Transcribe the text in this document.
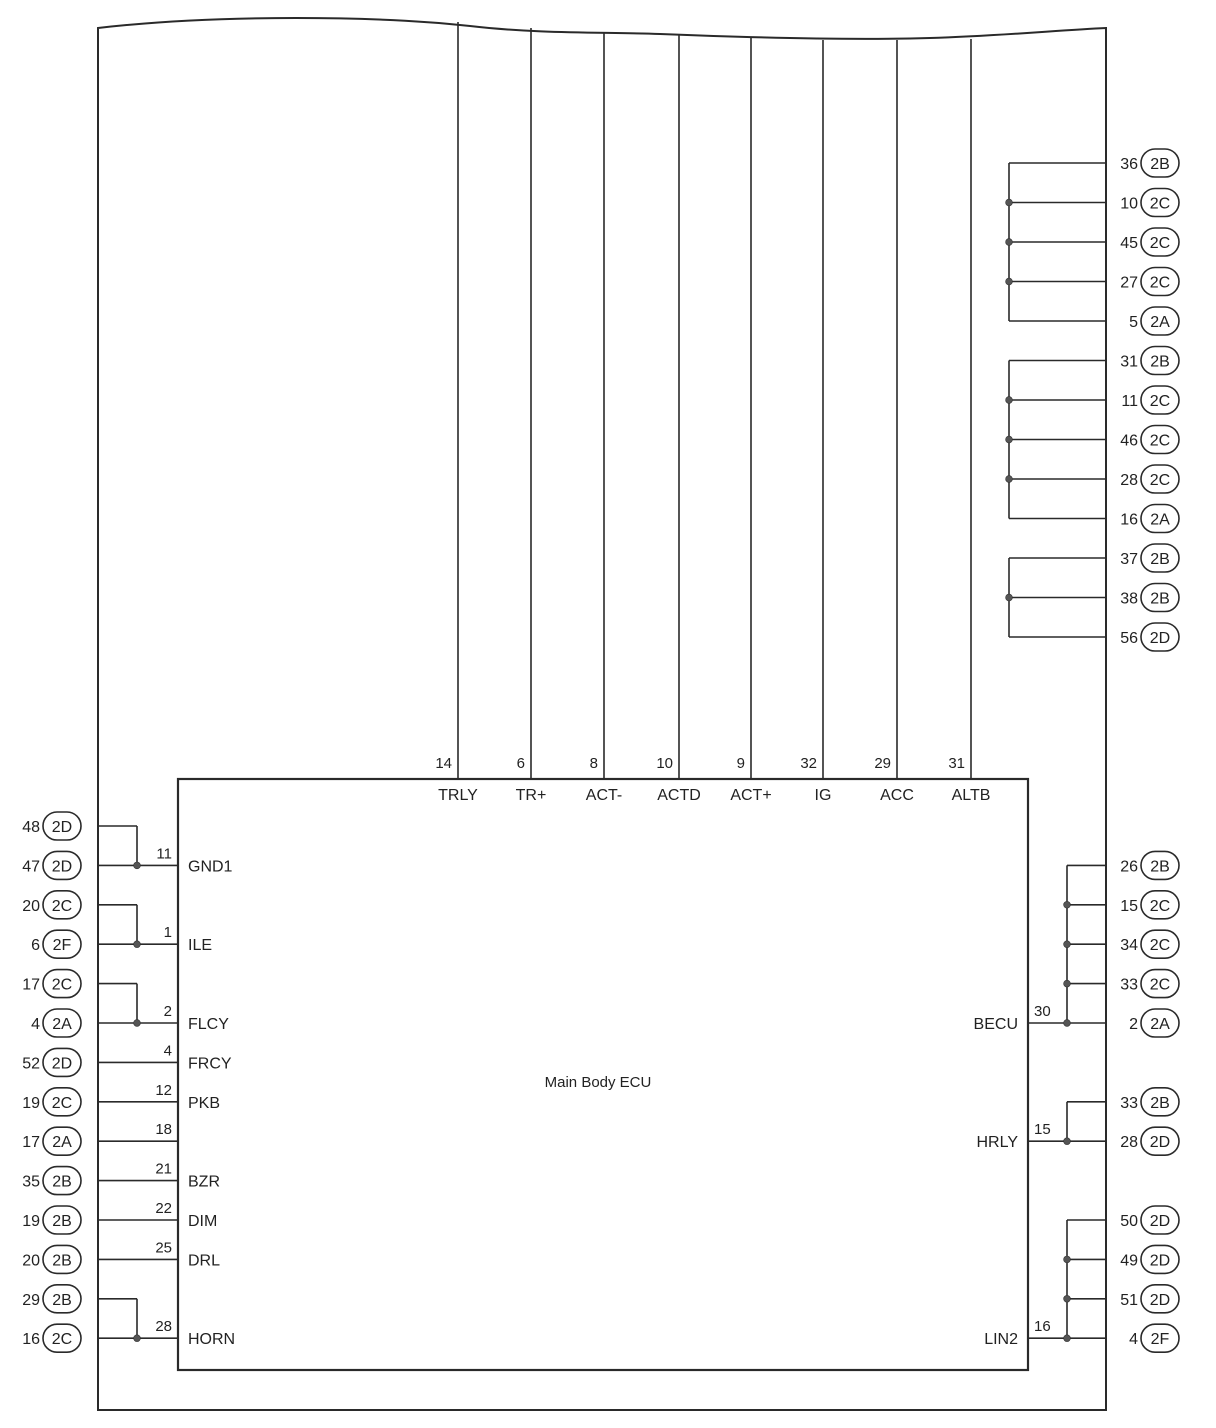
Main Body ECU
14
TRLY
6
TR+
8
ACT-
10
ACTD
9
ACT+
32
IG
29
ACC
31
ALTB
2D
48
2D
47
11
GND1
2C
20
2F
6
1
ILE
2C
17
2A
4
2
FLCY
2D
52
4
FRCY
2C
19
12
PKB
2A
17
18
2B
35
21
BZR
2B
19
22
DIM
2B
20
25
DRL
2B
29
2C
16
28
HORN
2B
26
2C
15
2C
34
2C
33
2A
2
30
BECU
2B
33
2D
28
15
HRLY
2D
50
2D
49
2D
51
2F
4
16
LIN2
2B
36
2C
10
2C
45
2C
27
2A
5
2B
31
2C
11
2C
46
2C
28
2A
16
2B
37
2B
38
2D
56
